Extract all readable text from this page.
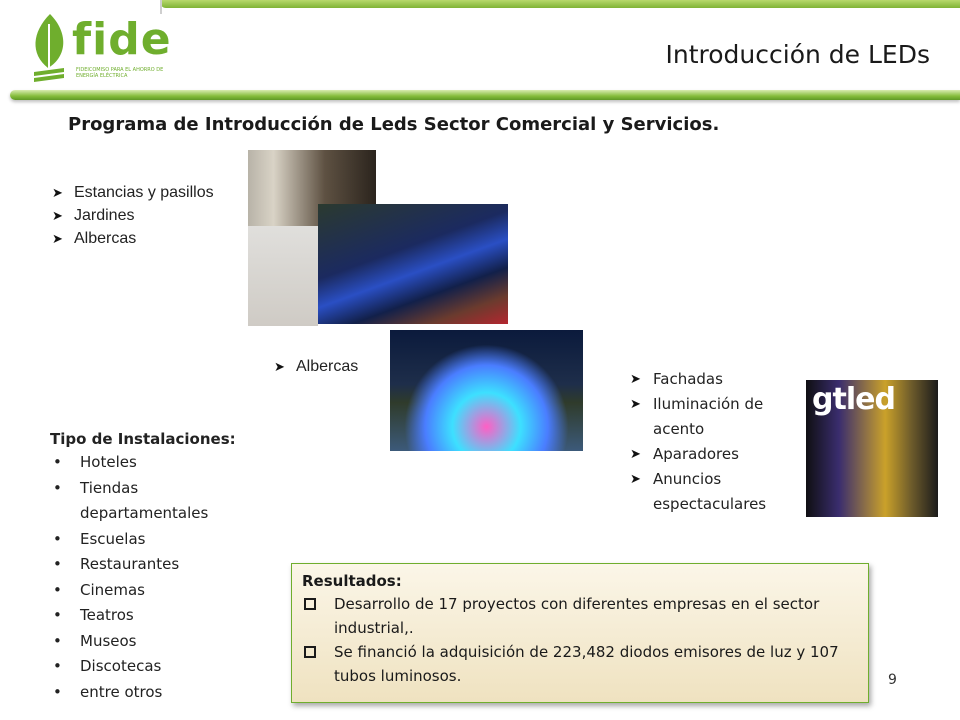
fide
FIDEICOMISO PARA EL AHORRO DE ENERGÍA ELÉCTRICA
Introducción de LEDs
Programa de Introducción de Leds Sector Comercial y Servicios.
➤ Estancias y pasillos
➤ Jardines
➤ Albercas
➤ Albercas
➤ Fachadas
➤ Iluminación de acento
➤ Aparadores
➤ Anuncios espectaculares
gtled
Tipo de Instalaciones:
• Hoteles
• Tiendas departamentales
• Escuelas
• Restaurantes
• Cinemas
• Teatros
• Museos
• Discotecas
• entre otros
Resultados:
Desarrollo de 17 proyectos con diferentes empresas en el sector industrial,.
Se financió la adquisición de 223,482 diodos emisores de luz y 107 tubos luminosos.	9
